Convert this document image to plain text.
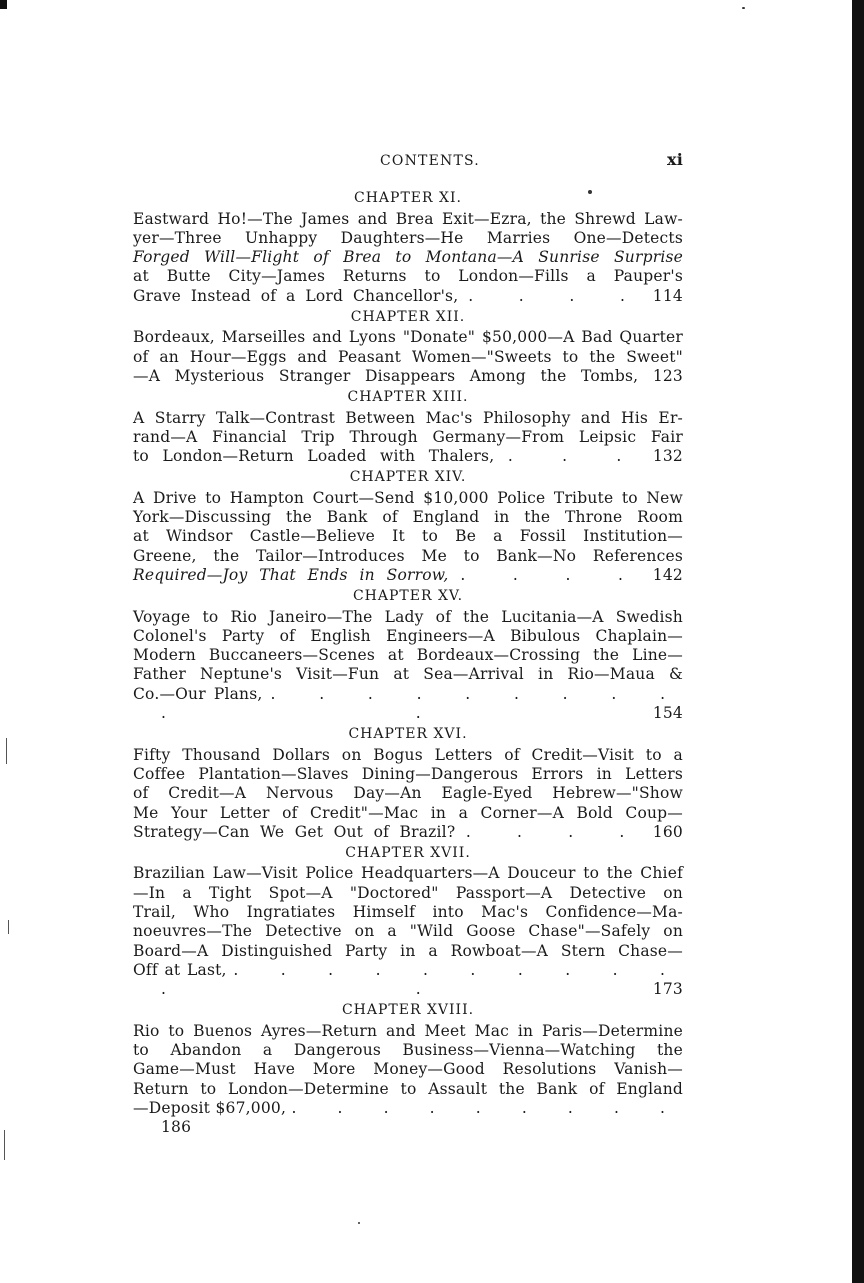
CONTENTS.	xi
CHAPTER XI.

Eastward Ho!—The James and Brea Exit—Ezra, the Shrewd Law-

yer—Three Unhappy Daughters—He Marries One—Detects

Forged Will—Flight of Brea to Montana—A Sunrise Surprise

at Butte City—James Returns to London—Fills a Pauper's

Grave Instead of a Lord Chancellor's, . . . . 114

CHAPTER XII.

Bordeaux, Marseilles and Lyons "Donate" $50,000—A Bad Quarter

of an Hour—Eggs and Peasant Women—"Sweets to the Sweet"

—A Mysterious Stranger Disappears Among the Tombs, 123

CHAPTER XIII.

A Starry Talk—Contrast Between Mac's Philosophy and His Er-

rand—A Financial Trip Through Germany—From Leipsic Fair

to London—Return Loaded with Thalers, . . . 132

CHAPTER XIV.

A Drive to Hampton Court—Send $10,000 Police Tribute to New

York—Discussing the Bank of England in the Throne Room

at Windsor Castle—Believe It to Be a Fossil Institution—

Greene, the Tailor—Introduces Me to Bank—No References

Required—Joy That Ends in Sorrow, . . . . 142

CHAPTER XV.

Voyage to Rio Janeiro—The Lady of the Lucitania—A Swedish

Colonel's Party of English Engineers—A Bibulous Chaplain—

Modern Buccaneers—Scenes at Bordeaux—Crossing the Line—

Father Neptune's Visit—Fun at Sea—Arrival in Rio—Maua &

Co.—Our Plans, . . . . . . . . . . .	154

CHAPTER XVI.

Fifty Thousand Dollars on Bogus Letters of Credit—Visit to a

Coffee Plantation—Slaves Dining—Dangerous Errors in Letters

of Credit—A Nervous Day—An Eagle-Eyed Hebrew—"Show

Me Your Letter of Credit"—Mac in a Corner—A Bold Coup—

Strategy—Can We Get Out of Brazil? . . . . 160

CHAPTER XVII.

Brazilian Law—Visit Police Headquarters—A Douceur to the Chief

—In a Tight Spot—A "Doctored" Passport—A Detective on

Trail, Who Ingratiates Himself into Mac's Confidence—Ma-

noeuvres—The Detective on a "Wild Goose Chase"—Safely on

Board—A Distinguished Party in a Rowboat—A Stern Chase—

Off at Last, . . . . . . . . . . . .	173

CHAPTER XVIII.

Rio to Buenos Ayres—Return and Meet Mac in Paris—Determine

to Abandon a Dangerous Business—Vienna—Watching the

Game—Must Have More Money—Good Resolutions Vanish—

Return to London—Determine to Assault the Bank of England

—Deposit $67,000, . . . . . . . . . 186
